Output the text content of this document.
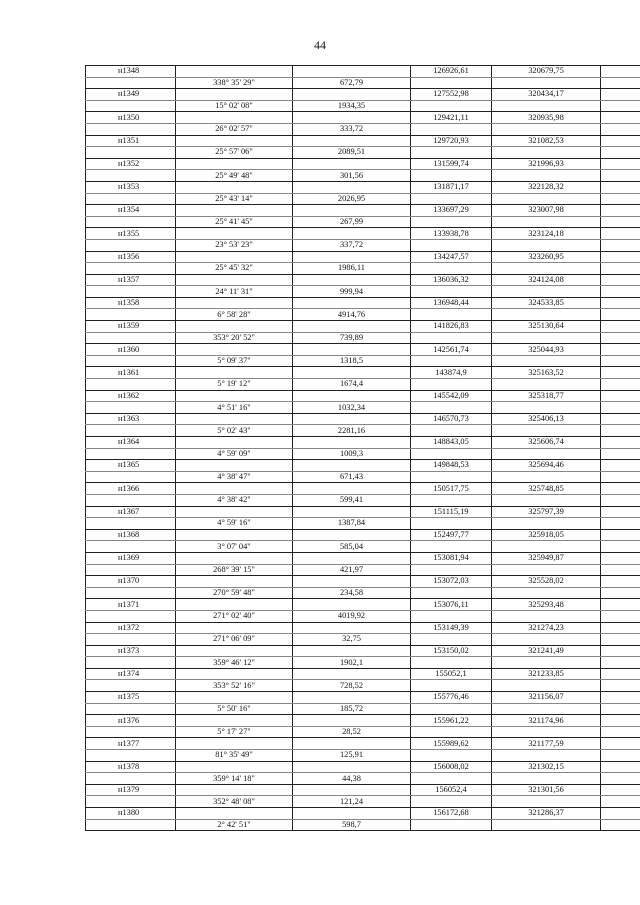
44
н1348			126926,61	320679,75	
	338° 35' 29"	672,79			
н1349			127552,98	320434,17	
	15° 02' 08"	1934,35			
н1350			129421,11	320935,98	
	26° 02' 57"	333,72			
н1351			129720,93	321082,53	
	25° 57' 06"	2089,51			
н1352			131599,74	321996,93	
	25° 49' 48"	301,56			
н1353			131871,17	322128,32	
	25° 43' 14"	2026,95			
н1354			133697,29	323007,98	
	25° 41' 45"	267,99			
н1355			133938,78	323124,18	
	23° 53' 23"	337,72			
н1356			134247,57	323260,95	
	25° 45' 32"	1986,11			
н1357			136036,32	324124,08	
	24° 11' 31"	999,94			
н1358			136948,44	324533,85	
	6° 58' 28"	4914,76			
н1359			141826,83	325130,64	
	353° 20' 52"	739,89			
н1360			142561,74	325044,93	
	5° 09' 37"	1318,5			
н1361			143874,9	325163,52	
	5° 19' 12"	1674,4			
н1362			145542,09	325318,77	
	4° 51' 16"	1032,34			
н1363			146570,73	325406,13	
	5° 02' 43"	2281,16			
н1364			148843,05	325606,74	
	4° 59' 09"	1009,3			
н1365			149848,53	325694,46	
	4° 38' 47"	671,43			
н1366			150517,75	325748,85	
	4° 38' 42"	599,41			
н1367			151115,19	325797,39	
	4° 59' 16"	1387,84			
н1368			152497,77	325918,05	
	3° 07' 04"	585,04			
н1369			153081,94	325949,87	
	268° 39' 15"	421,97			
н1370			153072,03	325528,02	
	270° 59' 48"	234,58			
н1371			153076,11	325293,48	
	271° 02' 40"	4019,92			
н1372			153149,39	321274,23	
	271° 06' 09"	32,75			
н1373			153150,02	321241,49	
	359° 46' 12"	1902,1			
н1374			155052,1	321233,85	
	353° 52' 16"	728,52			
н1375			155776,46	321156,07	
	5° 50' 16"	185,72			
н1376			155961,22	321174,96	
	5° 17' 27"	28,52			
н1377			155989,62	321177,59	
	81° 35' 49"	125,91			
н1378			156008,02	321302,15	
	359° 14' 18"	44,38			
н1379			156052,4	321301,56	
	352° 48' 08"	121,24			
н1380			156172,68	321286,37	
	2° 42' 51"	598,7			
